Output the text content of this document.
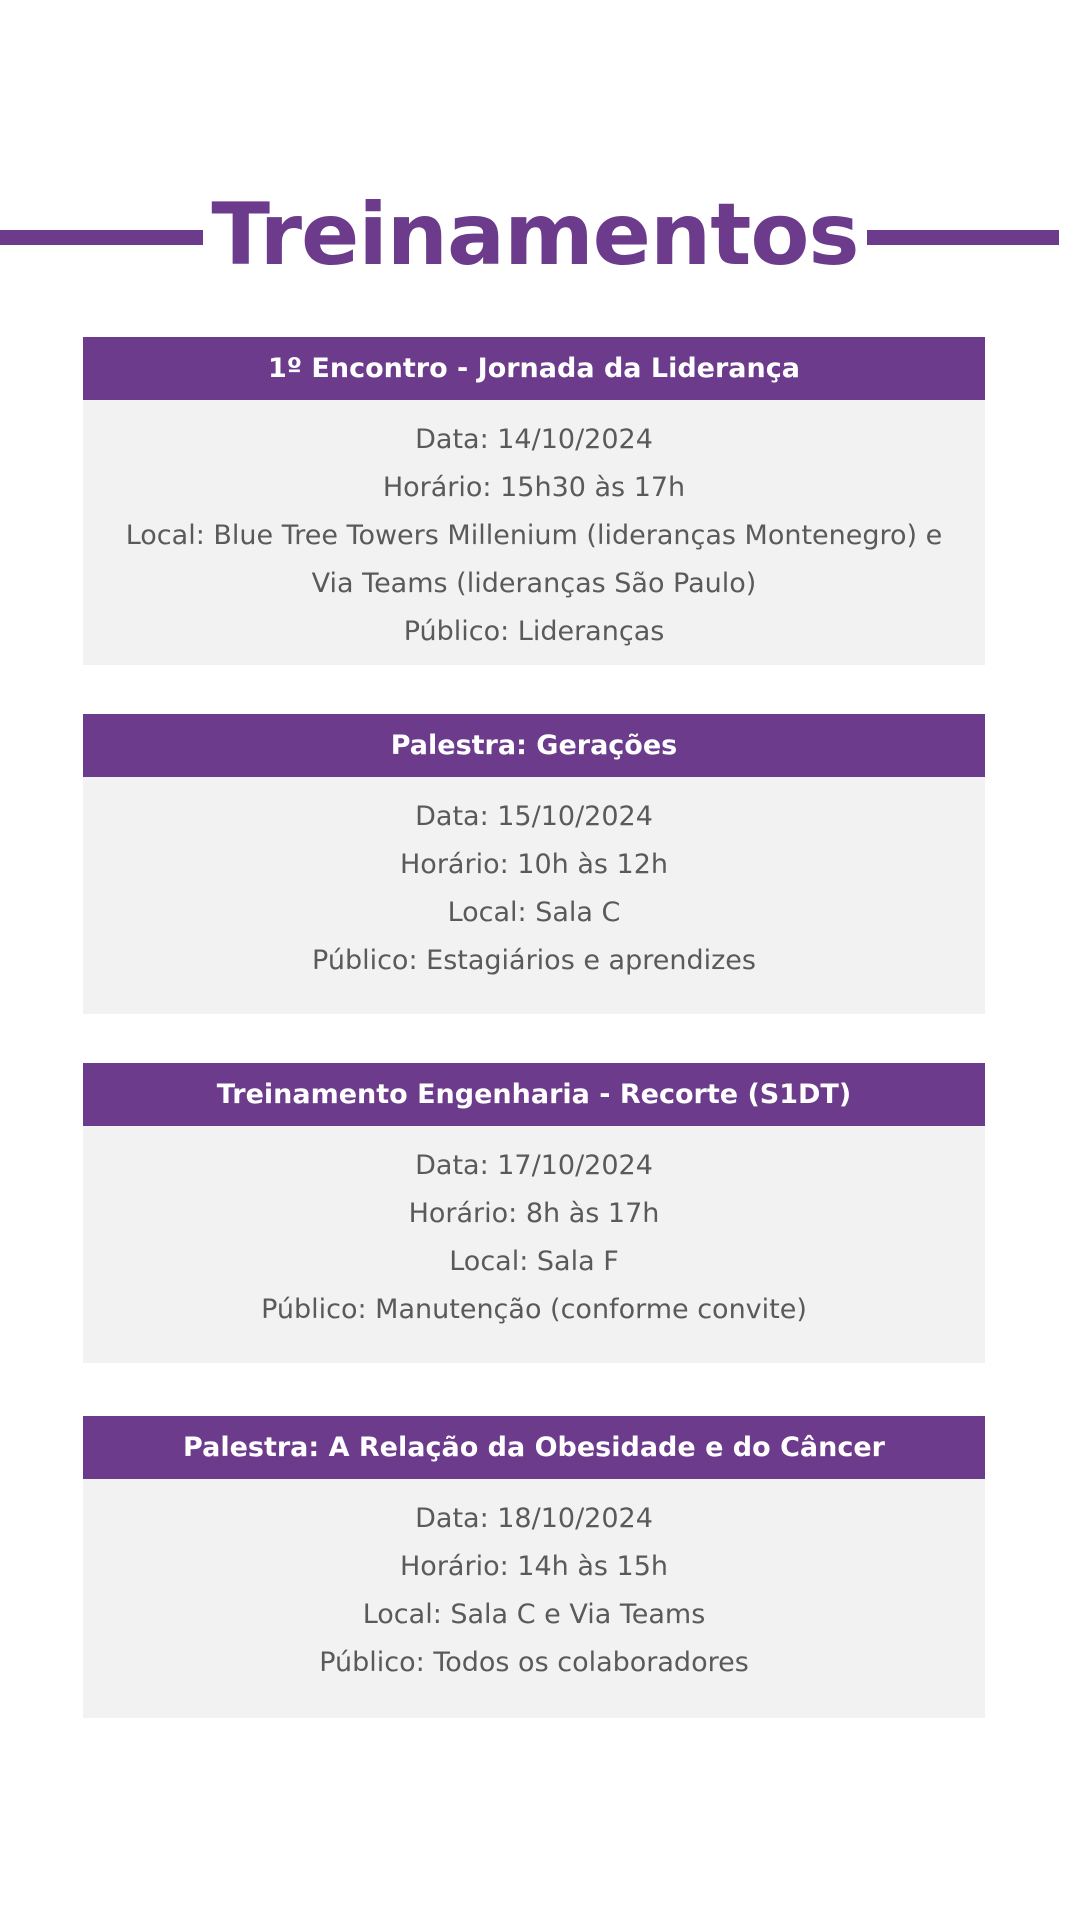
Treinamentos
1º Encontro - Jornada da Liderança
Data: 14/10/2024
Horário: 15h30 às 17h
Local: Blue Tree Towers Millenium (lideranças Montenegro) e
Via Teams (lideranças São Paulo)
Público: Lideranças
Palestra: Gerações
Data: 15/10/2024
Horário: 10h às 12h
Local: Sala C
Público: Estagiários e aprendizes
Treinamento Engenharia - Recorte (S1DT)
Data: 17/10/2024
Horário: 8h às 17h
Local: Sala F
Público: Manutenção (conforme convite)
Palestra: A Relação da Obesidade e do Câncer
Data: 18/10/2024
Horário: 14h às 15h
Local: Sala C e Via Teams
Público: Todos os colaboradores
